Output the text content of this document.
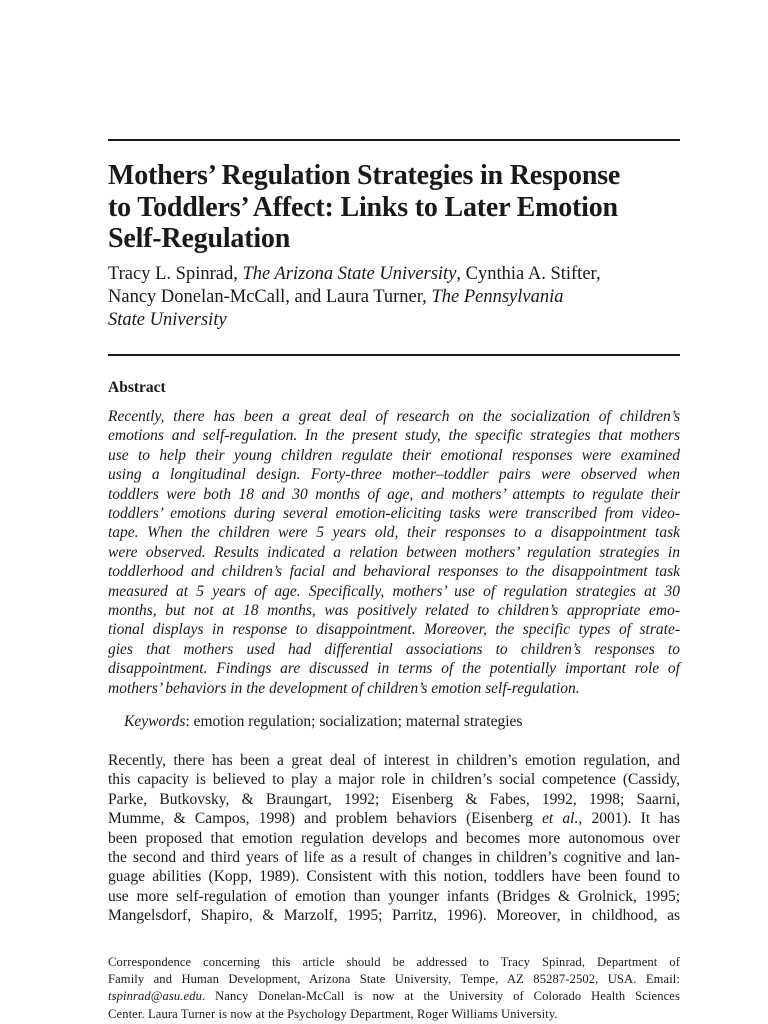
Mothers’ Regulation Strategies in Response
to Toddlers’ Affect: Links to Later Emotion
Self-Regulation

Tracy L. Spinrad, The Arizona State University, Cynthia A. Stifter,
Nancy Donelan-McCall, and Laura Turner, The Pennsylvania
State University

Abstract

Recently, there has been a great deal of research on the socialization of children’s
emotions and self-regulation. In the present study, the specific strategies that mothers
use to help their young children regulate their emotional responses were examined
using a longitudinal design. Forty-three mother–toddler pairs were observed when
toddlers were both 18 and 30 months of age, and mothers’ attempts to regulate their
toddlers’ emotions during several emotion-eliciting tasks were transcribed from video-
tape. When the children were 5 years old, their responses to a disappointment task
were observed. Results indicated a relation between mothers’ regulation strategies in
toddlerhood and children’s facial and behavioral responses to the disappointment task
measured at 5 years of age. Specifically, mothers’ use of regulation strategies at 30
months, but not at 18 months, was positively related to children’s appropriate emo-
tional displays in response to disappointment. Moreover, the specific types of strate-
gies that mothers used had differential associations to children’s responses to
disappointment. Findings are discussed in terms of the potentially important role of
mothers’ behaviors in the development of children’s emotion self-regulation.

Keywords: emotion regulation; socialization; maternal strategies

Recently, there has been a great deal of interest in children’s emotion regulation, and
this capacity is believed to play a major role in children’s social competence (Cassidy,
Parke, Butkovsky, & Braungart, 1992; Eisenberg & Fabes, 1992, 1998; Saarni,
Mumme, & Campos, 1998) and problem behaviors (Eisenberg et al., 2001). It has
been proposed that emotion regulation develops and becomes more autonomous over
the second and third years of life as a result of changes in children’s cognitive and lan-
guage abilities (Kopp, 1989). Consistent with this notion, toddlers have been found to
use more self-regulation of emotion than younger infants (Bridges & Grolnick, 1995;
Mangelsdorf, Shapiro, & Marzolf, 1995; Parritz, 1996). Moreover, in childhood, as

Correspondence concerning this article should be addressed to Tracy Spinrad, Department of
Family and Human Development, Arizona State University, Tempe, AZ 85287-2502, USA. Email:
tspinrad@asu.edu. Nancy Donelan-McCall is now at the University of Colorado Health Sciences
Center. Laura Turner is now at the Psychology Department, Roger Williams University.
